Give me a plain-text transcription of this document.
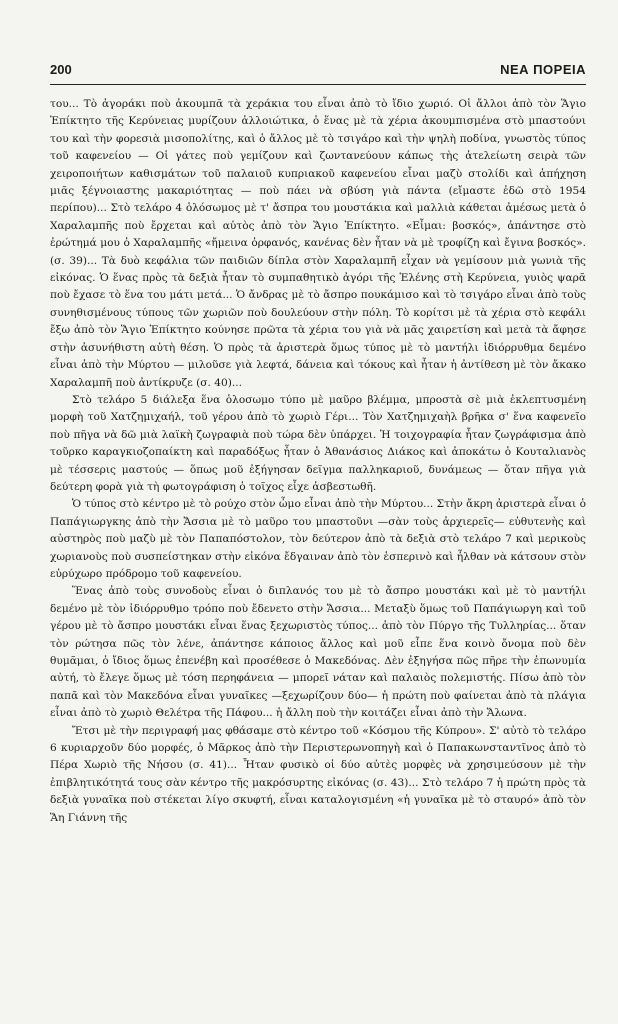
200	ΝΕΑ ΠΟΡΕΙΑ

του... Τὸ ἀγοράκι ποὺ ἀκουμπᾶ τὰ χεράκια του εἶναι ἀπὸ τὸ ἴδιο χωριό. Οἱ ἄλλοι ἀπὸ τὸν Ἅγιο Ἐπίκτητο τῆς Κερύνειας μυρίζουν ἀλλοιώτικα, ὁ ἕνας μὲ τὰ χέρια ἀκουμπισμένα στὸ μπαστούνι του καὶ τὴν φορεσιὰ μισοπολίτης, καὶ ὁ ἄλλος μὲ τὸ τσιγάρο καὶ τὴν ψηλὴ ποδίνα, γνωστὸς τύπος τοῦ καφενείου — Οἱ γάτες ποὺ γεμίζουν καὶ ζωντανεύουν κάπως τὴς ἀτελείωτη σειρὰ τῶν χειροποιήτων καθισμάτων τοῦ παλαιοῦ κυπριακοῦ καφενείου εἶναι μαζὺ στολίδι καὶ ἀπήχηση μιᾶς ξέγνοιαστης μακαριότητας — ποὺ πάει νὰ σβύση γιὰ πάντα (εἴμαστε ἐδῶ στὸ 1954 περίπου)... Στὸ τελάρο 4 ὁλόσωμος μὲ τ' ἄσπρα του μουστάκια καὶ μαλλιὰ κάθεται ἀμέσως μετὰ ὁ Χαραλαμπῆς ποὺ ἔρχεται καὶ αὐτὸς ἀπὸ τὸν Ἅγιο Ἐπίκτητο. «Εἶμαι: βοσκός», ἀπάντησε στὸ ἐρώτημά μου ὁ Χαραλαμπῆς «ἤμεινα ὀρφανός, κανένας δὲν ἦταν νὰ μὲ τροφίζη καὶ ἔγινα βοσκός». (σ. 39)... Τὰ δυὸ κεφάλια τῶν παιδιῶν δίπλα στὸν Χαραλαμπῆ εἶχαν νὰ γεμίσουν μιὰ γωνιὰ τῆς εἰκόνας. Ὁ ἕνας πρὸς τὰ δεξιὰ ἦταν τὸ συμπαθητικὸ ἀγόρι τῆς Ἑλένης στὴ Κερύνεια, γυιὸς ψαρᾶ ποὺ ἔχασε τὸ ἕνα του μάτι μετά... Ὁ ἄνδρας μὲ τὸ ἄσπρο πουκάμισο καὶ τὸ τσιγάρο εἶναι ἀπὸ τοὺς συνηθισμένους τύπους τῶν χωριῶν ποὺ δουλεύουν στὴν πόλη. Τὸ κορίτσι μὲ τὰ χέρια στὸ κεφάλι ἔξω ἀπὸ τὸν Ἅγιο Ἐπίκτητο κούνησε πρῶτα τὰ χέρια του γιὰ νὰ μᾶς χαιρετίση καὶ μετὰ τὰ ἄφησε στὴν ἀσυνήθιστη αὐτὴ θέση. Ὁ πρὸς τὰ ἀριστερὰ ὅμως τύπος μὲ τὸ μαντήλι ἰδιόρρυθμα δεμένο εἶναι ἀπὸ τὴν Μύρτου — μιλοῦσε γιὰ λεφτά, δάνεια καὶ τόκους καὶ ἦταν ἡ ἀντίθεση μὲ τὸν ἄκακο Χαραλαμπῆ ποὺ ἀντίκρυζε (σ. 40)...

Στὸ τελάρο 5 διάλεξα ἕνα ὁλοσωμο τύπο μὲ μαῦρο βλέμμα, μπροστὰ σὲ μιὰ ἐκλεπτυσμένη μορφὴ τοῦ Χατζημιχαήλ, τοῦ γέρου ἀπὸ τὸ χωριὸ Γέρι... Τὸν Χατζημιχαὴλ βρῆκα σ' ἕνα καφενεῖο ποὺ πῆγα νὰ δῶ μιὰ λαϊκὴ ζωγραφιὰ ποὺ τώρα δὲν ὑπάρχει. Ἡ τοιχογραφία ἦταν ζωγράφισμα ἀπὸ τοῦρκο καραγκιοζοπαίκτη καὶ παραδόξως ἦταν ὁ Ἀθανάσιος Διάκος καὶ ἀποκάτω ὁ Κουταλιανὸς μὲ τέσσερις μαστούς — ὅπως μοῦ ἐξήγησαν δεῖγμα παλληκαριοῦ, δυνάμεως — ὅταν πῆγα γιὰ δεύτερη φορὰ γιὰ τὴ φωτογράφιση ὁ τοῖχος εἶχε ἀσβεστωθῆ.

Ὁ τύπος στὸ κέντρο μὲ τὸ ρούχο στὸν ὦμο εἶναι ἀπὸ τὴν Μύρτου... Στὴν ἄκρη ἀριστερὰ εἶναι ὁ Παπάγιωργκης ἀπὸ τὴν Ἄσσια μὲ τὸ μαῦρο του μπαστοῦνι —σὰν τοὺς ἀρχιερεῖς— εὐθυτενὴς καὶ αὐστηρὸς ποὺ μαζὺ μὲ τὸν Παπαπόστολον, τὸν δεύτερον ἀπὸ τὰ δεξιὰ στὸ τελάρο 7 καὶ μερικοὺς χωριανοὺς ποὺ συσπείστηκαν στὴν εἰκόνα ἔδγαιναν ἀπὸ τὸν ἑσπερινὸ καὶ ἦλθαν νὰ κάτσουν στὸν εὐρύχωρο πρόδρομο τοῦ καφενείου.

Ἕνας ἀπὸ τοὺς συνοδοὺς εἶναι ὁ διπλανός του μὲ τὸ ἄσπρο μουστάκι καὶ μὲ τὸ μαντήλι δεμένο μὲ τὸν ἰδιόρρυθμο τρόπο ποὺ ἔδενετο στὴν Ἄσσια... Μεταξὺ ὅμως τοῦ Παπάγιωργη καὶ τοῦ γέρου μὲ τὸ ἄσπρο μουστάκι εἶναι ἕνας ξεχωριστὸς τύπος... ἀπὸ τὸν Πύργο τῆς Τυλληρίας... ὅταν τὸν ρώτησα πῶς τὸν λένε, ἀπάντησε κάποιος ἄλλος καὶ μοῦ εἶπε ἕνα κοινὸ ὄνομα ποὺ δὲν θυμᾶμαι, ὁ ἴδιος ὅμως ἐπενέβη καὶ προσέθεσε ὁ Μακεδόνας. Δὲν ἐξηγήσα πῶς πῆρε τὴν ἐπωνυμία αὐτή, τὸ ἔλεγε ὅμως μὲ τόση περηφάνεια — μπορεῖ νάταν καὶ παλαιὸς πολεμιστής. Πίσω ἀπὸ τὸν παπᾶ καὶ τὸν Μακεδόνα εἶναι γυναῖκες —ξεχωρίζουν δύο— ἡ πρώτη ποὺ φαίνεται ἀπὸ τὰ πλάγια εἶναι ἀπὸ τὸ χωριὸ Θελέτρα τῆς Πάφου... ἡ ἄλλη ποὺ τὴν κοιτάζει εἶναι ἀπὸ τὴν Ἄλωνα.

Ἔτσι μὲ τὴν περιγραφή μας φθάσαμε στὸ κέντρο τοῦ «Κόσμου τῆς Κύπρου». Σ' αὐτὸ τὸ τελάρο 6 κυριαρχοῦν δύο μορφές, ὁ Μᾶρκος ἀπὸ τὴν Περιστερωνοπηγὴ καὶ ὁ Παπακωνσταντῖνος ἀπὸ τὸ Πέρα Χωριὸ τῆς Νήσου (σ. 41)... Ἦταν φυσικὸ οἱ δύο αὐτὲς μορφὲς νὰ χρησιμεύσουν μὲ τὴν ἐπιβλητικότητά τους σὰν κέντρο τῆς μακρόσυρτης εἰκόνας (σ. 43)... Στὸ τελάρο 7 ἡ πρώτη πρὸς τὰ δεξιὰ γυναῖκα ποὺ στέκεται λίγο σκυφτή, εἶναι καταλογισμένη «ἡ γυναῖκα μὲ τὸ σταυρό» ἀπὸ τὸν Ἅη Γιάννη τῆς
